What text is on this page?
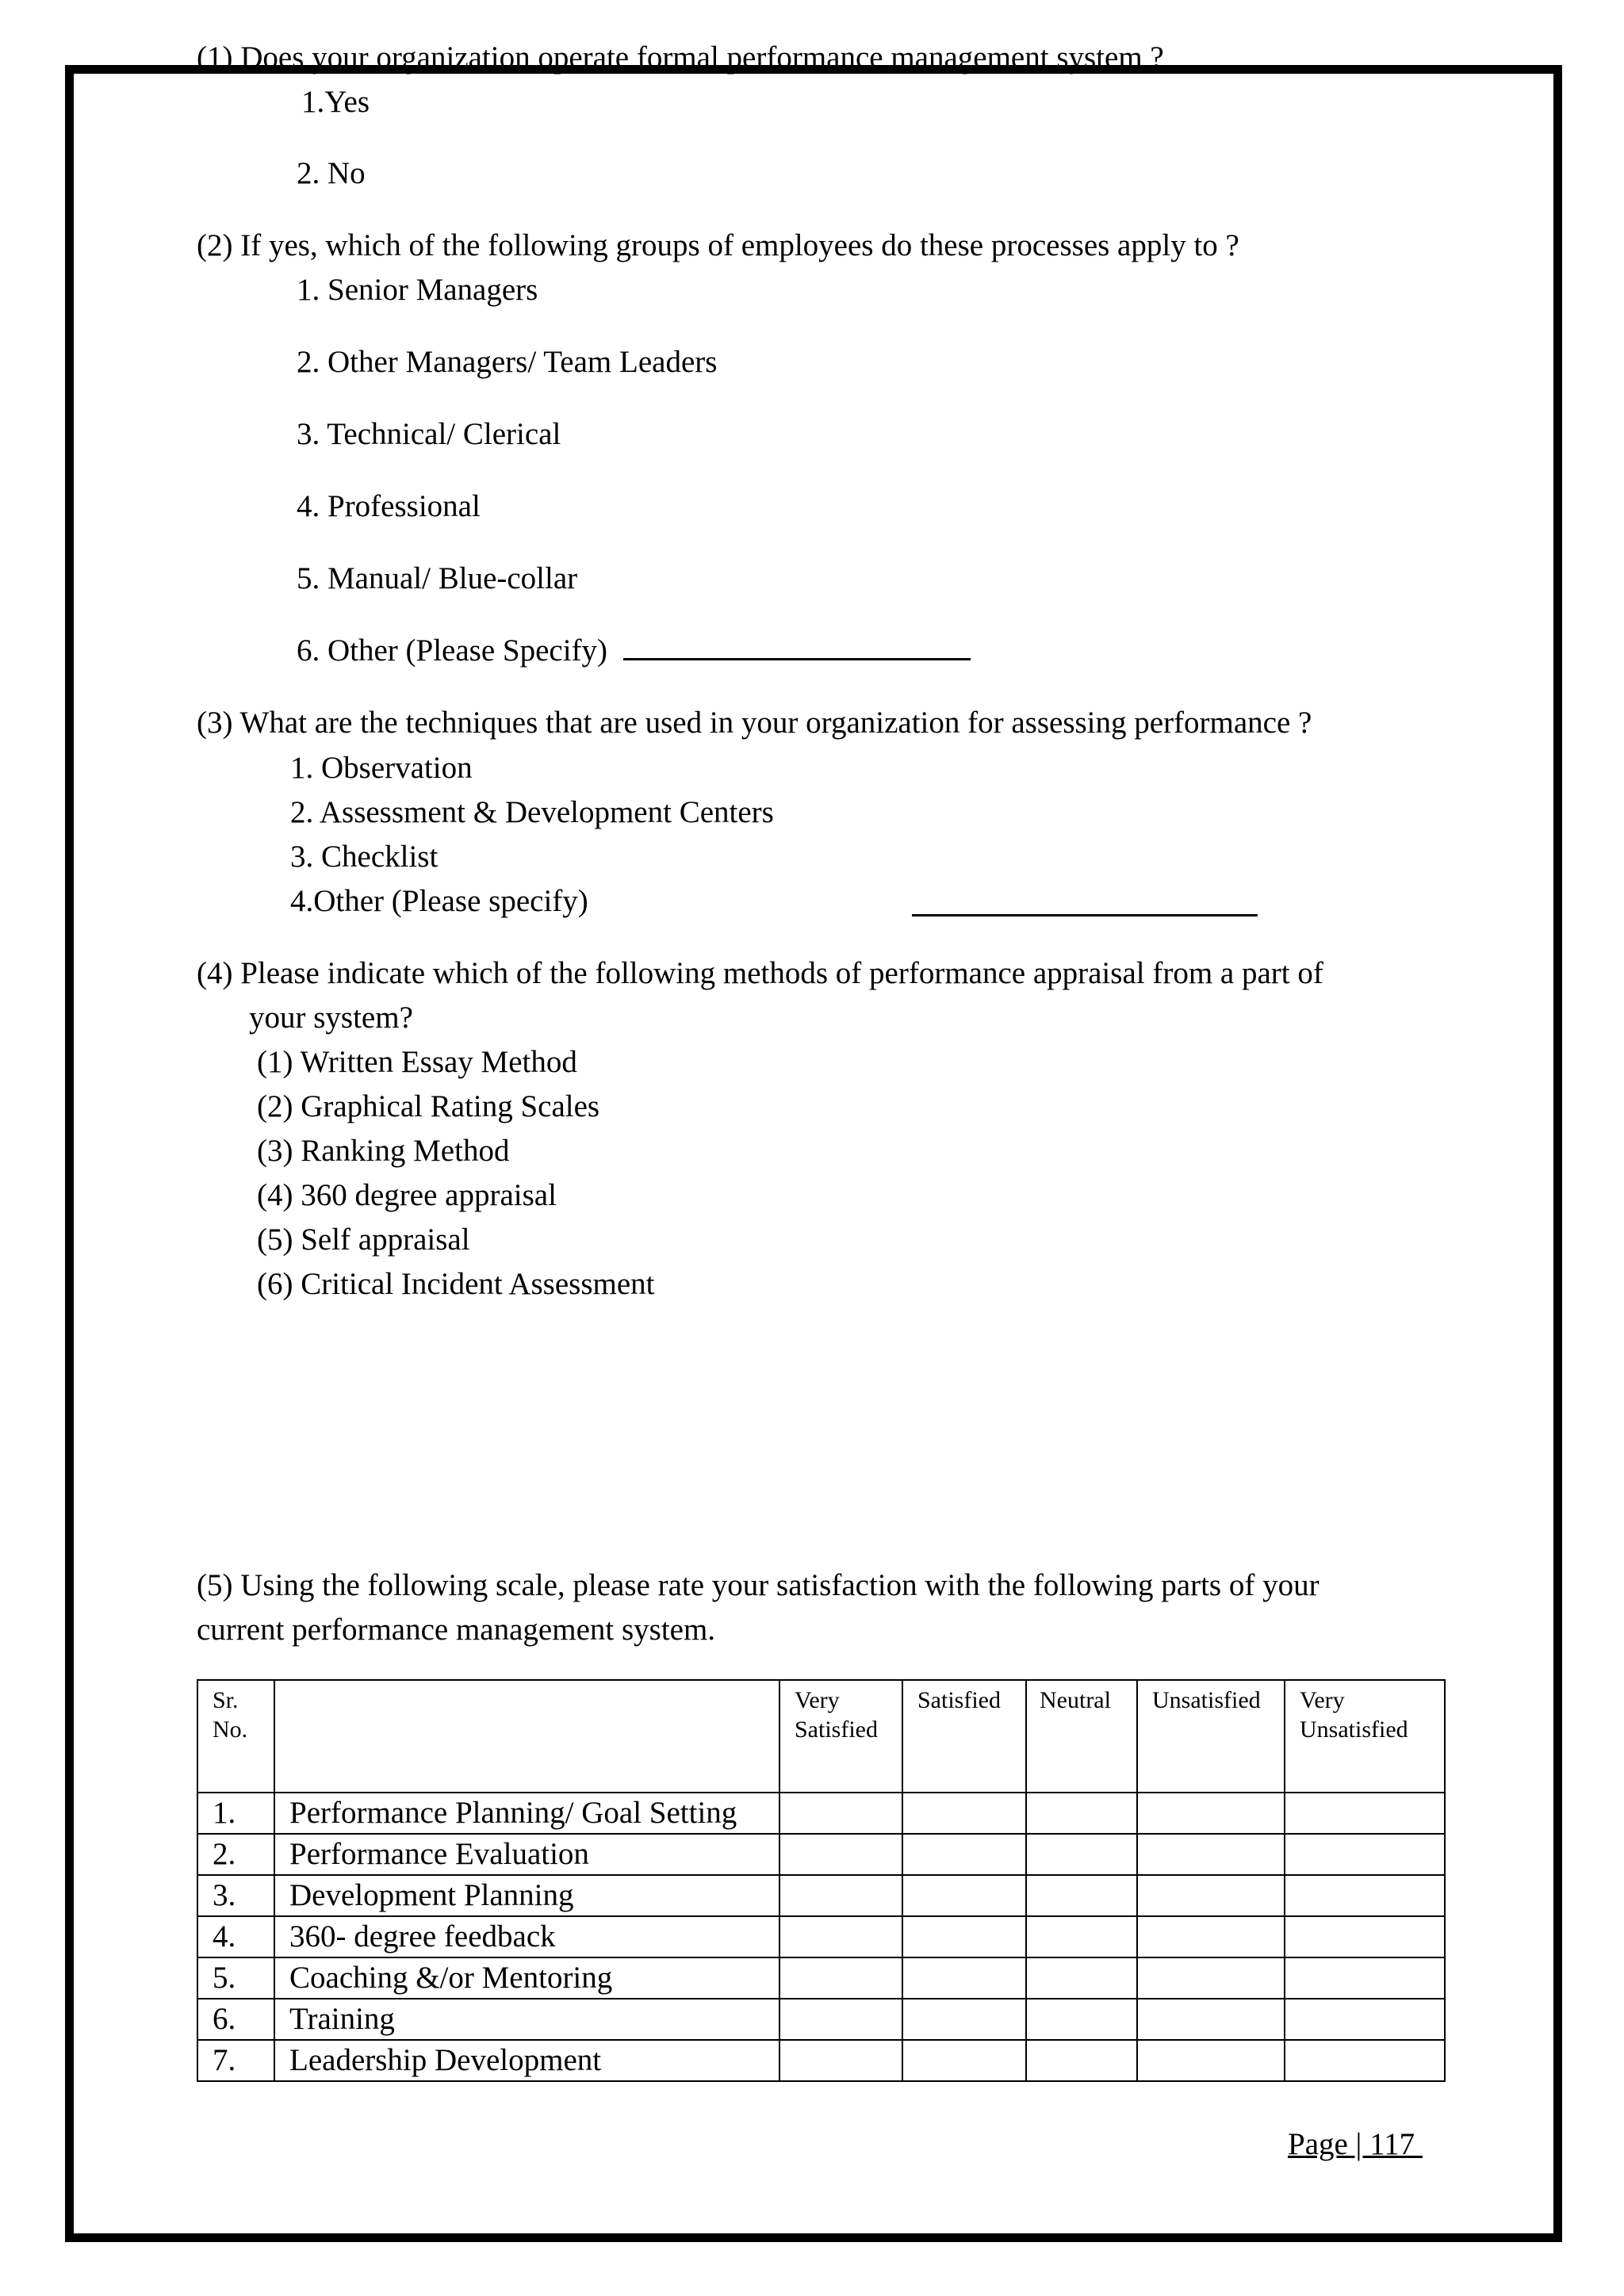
(1) Does your organization operate formal performance management system ?
1.Yes
2. No
(2) If yes, which of the following groups of employees do these processes apply to ?
1. Senior Managers
2. Other Managers/ Team Leaders
3. Technical/ Clerical
4. Professional
5. Manual/ Blue-collar
6. Other (Please Specify)
(3) What are the techniques that are used in your organization for assessing performance ?
1. Observation
2. Assessment & Development Centers
3. Checklist
4.Other (Please specify)
(4) Please indicate which of the following methods of performance appraisal from a part of
your system?
(1) Written Essay Method
(2) Graphical Rating Scales
(3) Ranking Method
(4) 360 degree appraisal
(5) Self appraisal
(6) Critical Incident Assessment
(5) Using the following scale, please rate your satisfaction with the following parts of your
current performance management system.
Sr. No.		Very Satisfied	Satisfied	Neutral	Unsatisfied	Very Unsatisfied
1.	Performance Planning/ Goal Setting					
2.	Performance Evaluation					
3.	Development Planning					
4.	360- degree feedback					
5.	Coaching &/or Mentoring					
6.	Training					
7.	Leadership Development					
Page | 117
